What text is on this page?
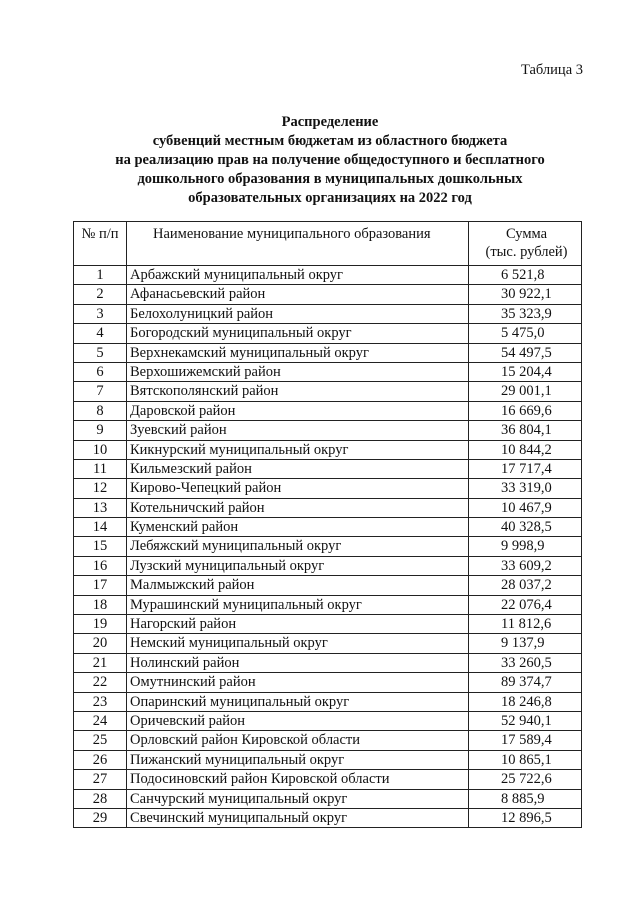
Таблица 3
Распределение
субвенций местным бюджетам из областного бюджета
на реализацию прав на получение общедоступного и бесплатного
дошкольного образования в муниципальных дошкольных
образовательных организациях на 2022 год
№ п/п	Наименование муниципального образования	Сумма
(тыс. рублей)

1	Арбажский муниципальный округ	6 521,8
2	Афанасьевский район	30 922,1
3	Белохолуницкий район	35 323,9
4	Богородский муниципальный округ	5 475,0
5	Верхнекамский муниципальный округ	54 497,5
6	Верхошижемский район	15 204,4
7	Вятскополянский район	29 001,1
8	Даровской район	16 669,6
9	Зуевский район	36 804,1
10	Кикнурский муниципальный округ	10 844,2
11	Кильмезский район	17 717,4
12	Кирово-Чепецкий район	33 319,0
13	Котельничский район	10 467,9
14	Куменский район	40 328,5
15	Лебяжский муниципальный округ	9 998,9
16	Лузский муниципальный округ	33 609,2
17	Малмыжский район	28 037,2
18	Мурашинский муниципальный округ	22 076,4
19	Нагорский район	11 812,6
20	Немский муниципальный округ	9 137,9
21	Нолинский район	33 260,5
22	Омутнинский район	89 374,7
23	Опаринский муниципальный округ	18 246,8
24	Оричевский район	52 940,1
25	Орловский район Кировской области	17 589,4
26	Пижанский муниципальный округ	10 865,1
27	Подосиновский район Кировской области	25 722,6
28	Санчурский муниципальный округ	8 885,9
29	Свечинский муниципальный округ	12 896,5
